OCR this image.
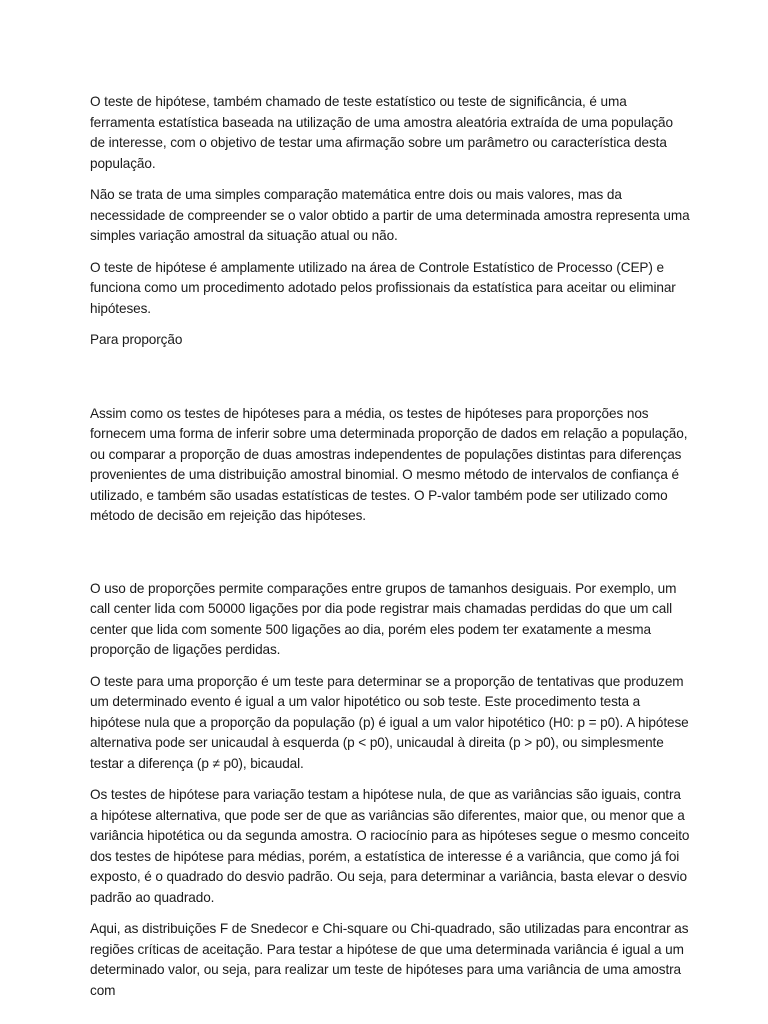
O teste de hipótese, também chamado de teste estatístico ou teste de significância, é uma ferramenta estatística baseada na utilização de uma amostra aleatória extraída de uma população de interesse, com o objetivo de testar uma afirmação sobre um parâmetro ou característica desta população.

Não se trata de uma simples comparação matemática entre dois ou mais valores, mas da necessidade de compreender se o valor obtido a partir de uma determinada amostra representa uma simples variação amostral da situação atual ou não.

O teste de hipótese é amplamente utilizado na área de Controle Estatístico de Processo (CEP) e funciona como um procedimento adotado pelos profissionais da estatística para aceitar ou eliminar hipóteses.

Para proporção

Assim como os testes de hipóteses para a média, os testes de hipóteses para proporções nos fornecem uma forma de inferir sobre uma determinada proporção de dados em relação a população, ou comparar a proporção de duas amostras independentes de populações distintas para diferenças provenientes de uma distribuição amostral binomial. O mesmo método de intervalos de confiança é utilizado, e também são usadas estatísticas de testes. O P-valor também pode ser utilizado como método de decisão em rejeição das hipóteses.

O uso de proporções permite comparações entre grupos de tamanhos desiguais. Por exemplo, um call center lida com 50000 ligações por dia pode registrar mais chamadas perdidas do que um call center que lida com somente 500 ligações ao dia, porém eles podem ter exatamente a mesma proporção de ligações perdidas.

O teste para uma proporção é um teste para determinar se a proporção de tentativas que produzem um determinado evento é igual a um valor hipotético ou sob teste. Este procedimento testa a hipótese nula que a proporção da população (p) é igual a um valor hipotético (H0: p = p0). A hipótese alternativa pode ser unicaudal à esquerda (p < p0), unicaudal à direita (p > p0), ou simplesmente testar a diferença (p ≠ p0), bicaudal.

Os testes de hipótese para variação testam a hipótese nula, de que as variâncias são iguais, contra a hipótese alternativa, que pode ser de que as variâncias são diferentes, maior que, ou menor que a variância hipotética ou da segunda amostra. O raciocínio para as hipóteses segue o mesmo conceito dos testes de hipótese para médias, porém, a estatística de interesse é a variância, que como já foi exposto, é o quadrado do desvio padrão. Ou seja, para determinar a variância, basta elevar o desvio padrão ao quadrado.

Aqui, as distribuições F de Snedecor e Chi-square ou Chi-quadrado, são utilizadas para encontrar as regiões críticas de aceitação. Para testar a hipótese de que uma determinada variância é igual a um determinado valor, ou seja, para realizar um teste de hipóteses para uma variância de uma amostra com
